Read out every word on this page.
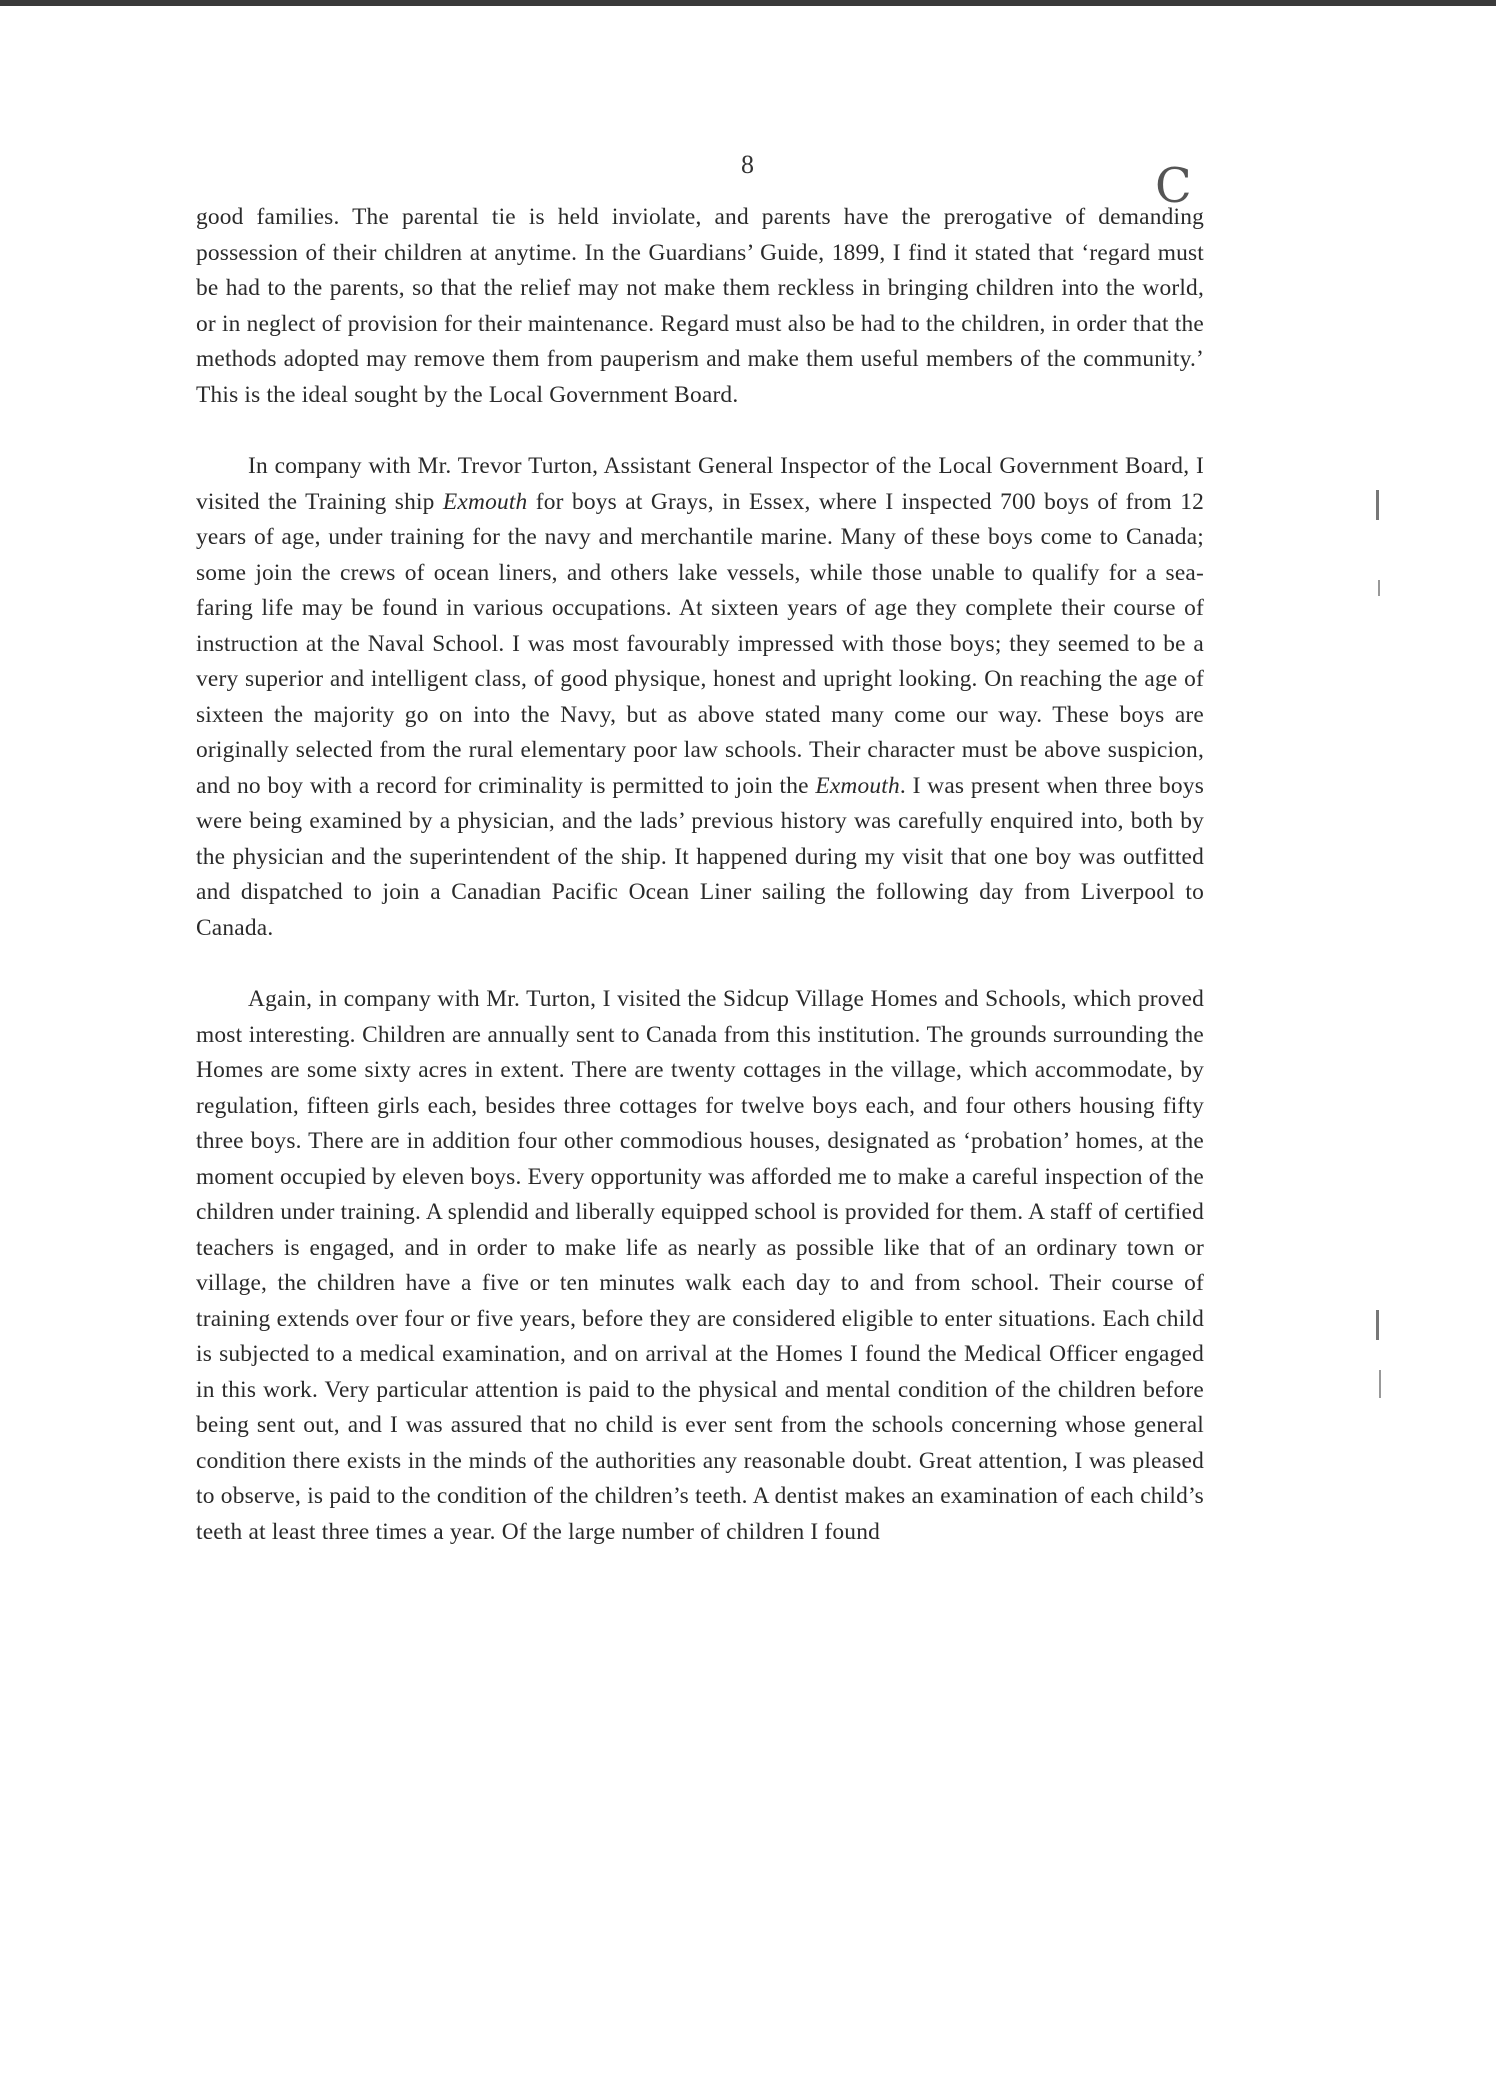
8	C

good families. The parental tie is held inviolate, and parents have the prerogative of demanding possession of their children at anytime. In the Guardians’ Guide, 1899, I find it stated that ‘regard must be had to the parents, so that the relief may not make them reckless in bringing children into the world, or in neglect of provision for their maintenance. Regard must also be had to the children, in order that the methods adopted may remove them from pauperism and make them useful members of the community.’ This is the ideal sought by the Local Government Board.

In company with Mr. Trevor Turton, Assistant General Inspector of the Local Government Board, I visited the Training ship Exmouth for boys at Grays, in Essex, where I inspected 700 boys of from 12 years of age, under training for the navy and merchantile marine. Many of these boys come to Canada; some join the crews of ocean liners, and others lake vessels, while those unable to qualify for a sea-faring life may be found in various occupations. At sixteen years of age they complete their course of instruction at the Naval School. I was most favourably impressed with those boys; they seemed to be a very superior and intelligent class, of good physique, honest and upright looking. On reaching the age of sixteen the majority go on into the Navy, but as above stated many come our way. These boys are originally selected from the rural elementary poor law schools. Their character must be above suspicion, and no boy with a record for criminality is permitted to join the Exmouth. I was present when three boys were being examined by a physician, and the lads’ previous history was carefully enquired into, both by the physician and the superintendent of the ship. It happened during my visit that one boy was outfitted and dispatched to join a Canadian Pacific Ocean Liner sailing the following day from Liverpool to Canada.

Again, in company with Mr. Turton, I visited the Sidcup Village Homes and Schools, which proved most interesting. Children are annually sent to Canada from this institution. The grounds surrounding the Homes are some sixty acres in extent. There are twenty cottages in the village, which accommodate, by regulation, fifteen girls each, besides three cottages for twelve boys each, and four others housing fifty three boys. There are in addition four other commodious houses, designated as ‘probation’ homes, at the moment occupied by eleven boys. Every opportunity was afforded me to make a careful inspection of the children under training. A splendid and liberally equipped school is provided for them. A staff of certified teachers is engaged, and in order to make life as nearly as possible like that of an ordinary town or village, the children have a five or ten minutes walk each day to and from school. Their course of training extends over four or five years, before they are considered eligible to enter situations. Each child is subjected to a medical examination, and on arrival at the Homes I found the Medical Officer engaged in this work. Very particular attention is paid to the physical and mental condition of the children before being sent out, and I was assured that no child is ever sent from the schools concerning whose general condition there exists in the minds of the authorities any reasonable doubt. Great attention, I was pleased to observe, is paid to the condition of the children’s teeth. A dentist makes an examination of each child’s teeth at least three times a year. Of the large number of children I found
